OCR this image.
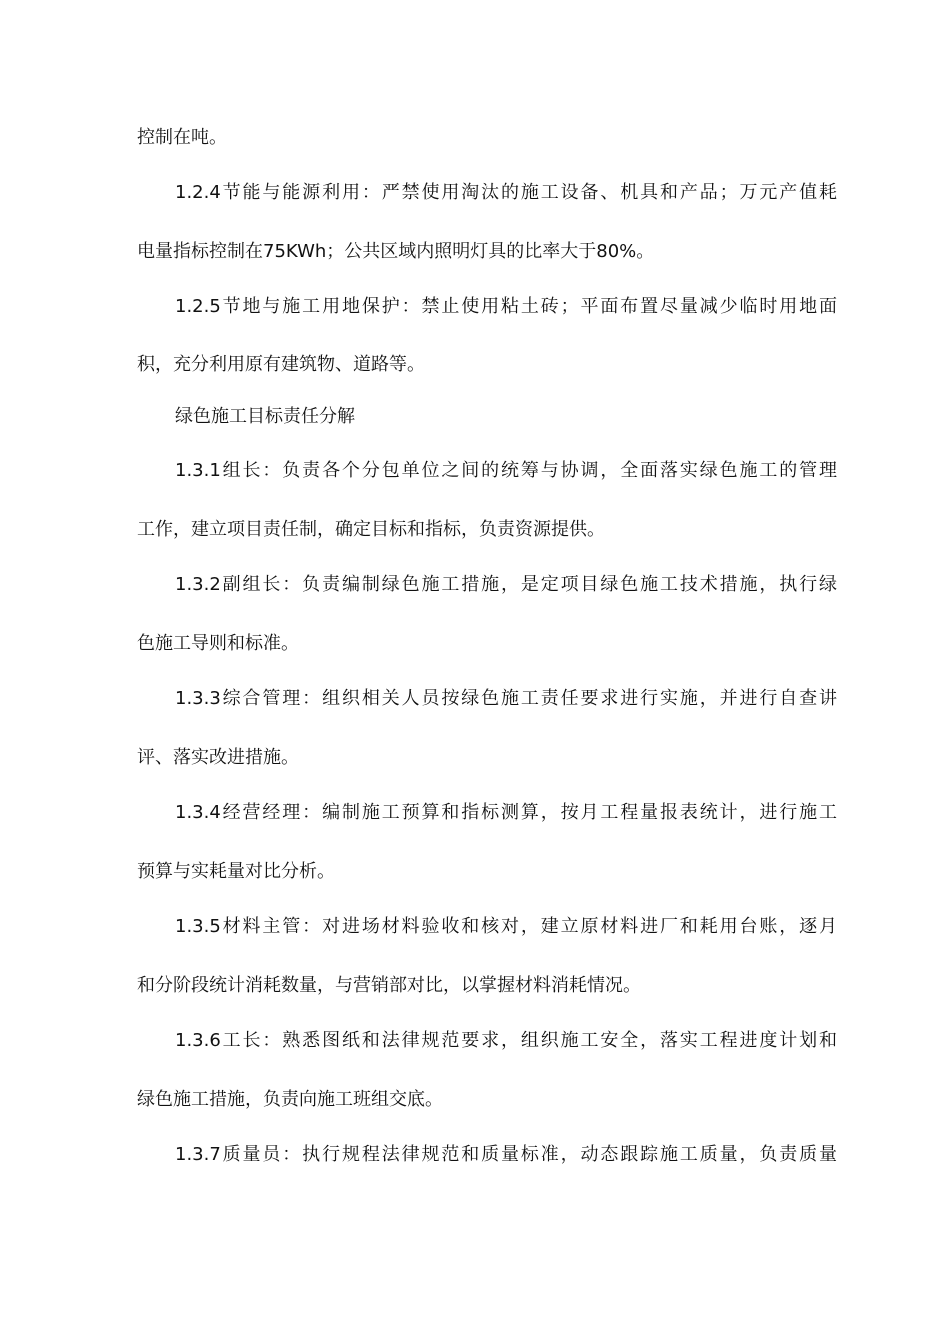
控制在吨。
1.2.4节能与能源利用：严禁使用淘汰的施工设备、机具和产品；万元产值耗
电量指标控制在75KWh；公共区域内照明灯具的比率大于80%。
1.2.5节地与施工用地保护：禁止使用粘土砖；平面布置尽量减少临时用地面
积，充分利用原有建筑物、道路等。
绿色施工目标责任分解
1.3.1组长：负责各个分包单位之间的统筹与协调，全面落实绿色施工的管理
工作，建立项目责任制，确定目标和指标，负责资源提供。
1.3.2副组长：负责编制绿色施工措施，是定项目绿色施工技术措施，执行绿
色施工导则和标准。
1.3.3综合管理：组织相关人员按绿色施工责任要求进行实施，并进行自查讲
评、落实改进措施。
1.3.4经营经理：编制施工预算和指标测算，按月工程量报表统计，进行施工
预算与实耗量对比分析。
1.3.5材料主管：对进场材料验收和核对，建立原材料进厂和耗用台账，逐月
和分阶段统计消耗数量，与营销部对比，以掌握材料消耗情况。
1.3.6工长：熟悉图纸和法律规范要求，组织施工安全，落实工程进度计划和
绿色施工措施，负责向施工班组交底。
1.3.7质量员：执行规程法律规范和质量标准，动态跟踪施工质量，负责质量
